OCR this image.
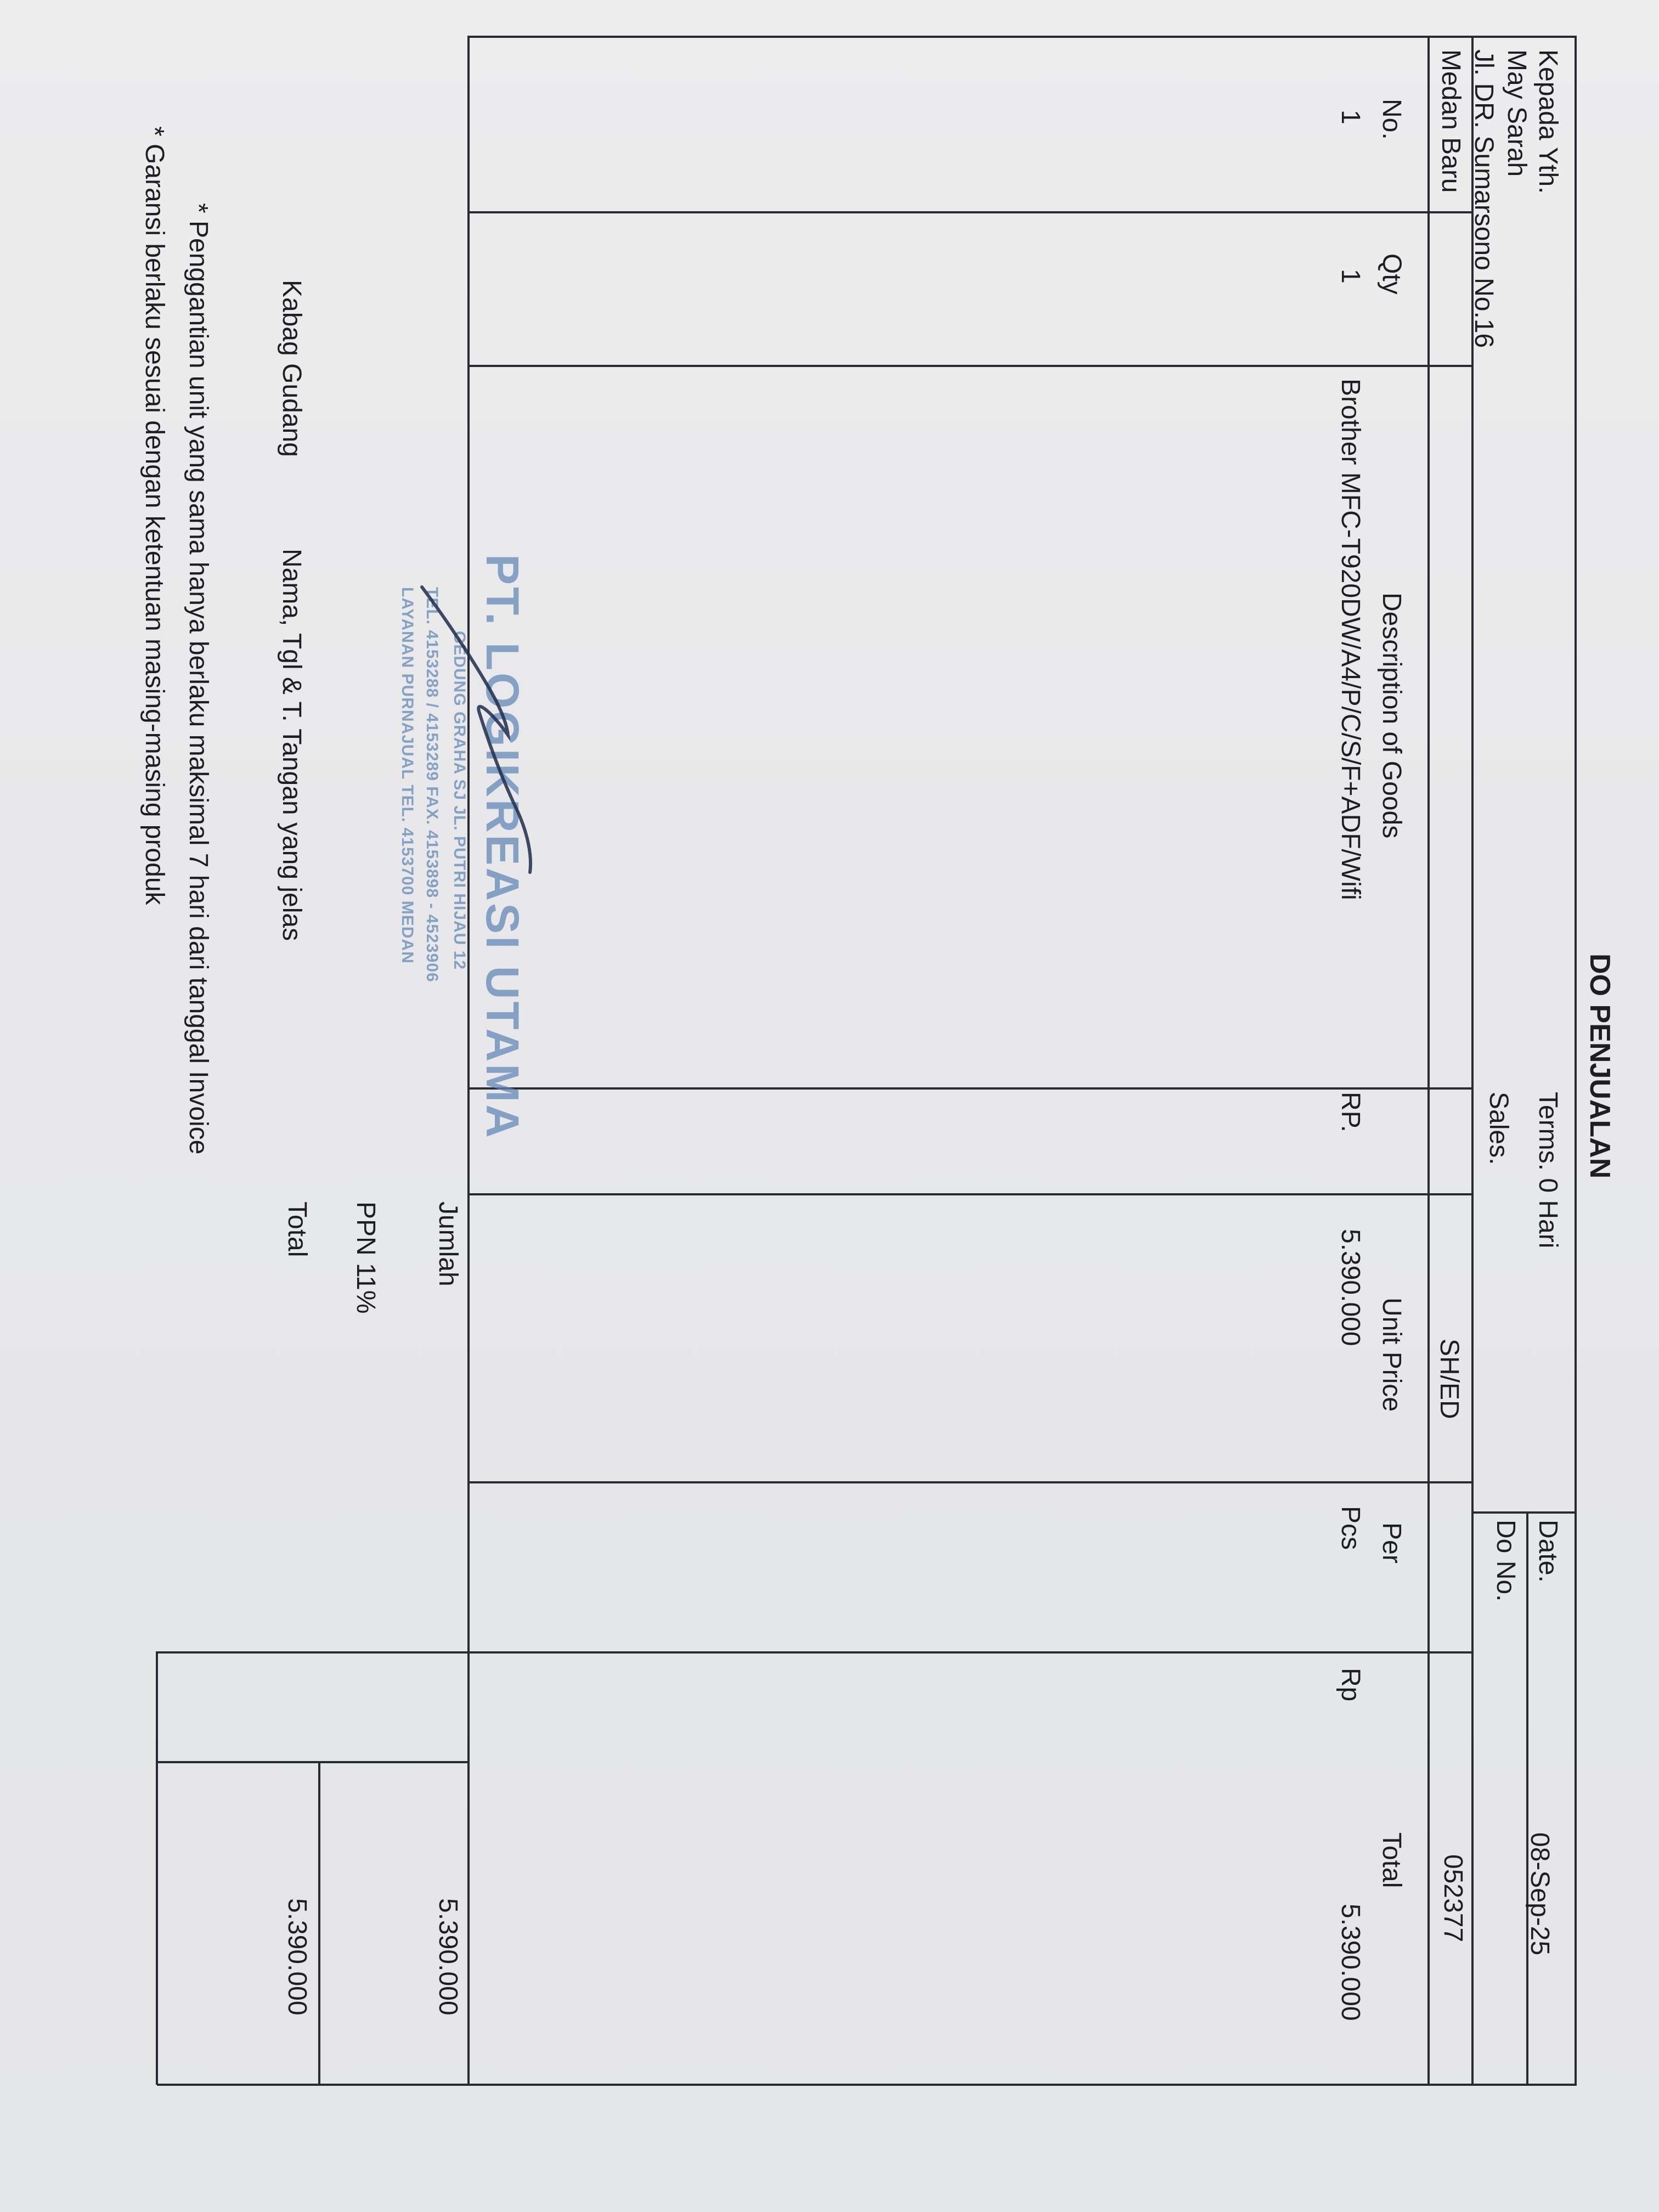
DO PENJUALAN
Kepada Yth.
May Sarah
Jl. DR. Sumarsono No.16
Medan Baru
Terms. 0 Hari
Sales.
SH/ED
Date.
08-Sep-25
Do No.
052377
No.
Qty
Description of Goods
Unit Price
Per
Total
1
1
Brother MFC-T920DW/A4/P/C/S/F+ADF/Wifi
RP.
5.390.000
Pcs
Rp
5.390.000
Jumlah
5.390.000
PPN 11%
Total
5.390.000
PT. LOGIKREASI UTAMA
GEDUNG GRAHA SJ JL. PUTRI HIJAU 12
TEL. 4153288 / 4153289 FAX. 4153898 - 4523906
LAYANAN PURNAJUAL TEL. 4153700 MEDAN
Kabag Gudang
Nama, Tgl & T. Tangan yang jelas
* Penggantian unit yang sama hanya berlaku maksimal 7 hari dari tanggal Invoice
* Garansi berlaku sesuai dengan ketentuan masing-masing produk
